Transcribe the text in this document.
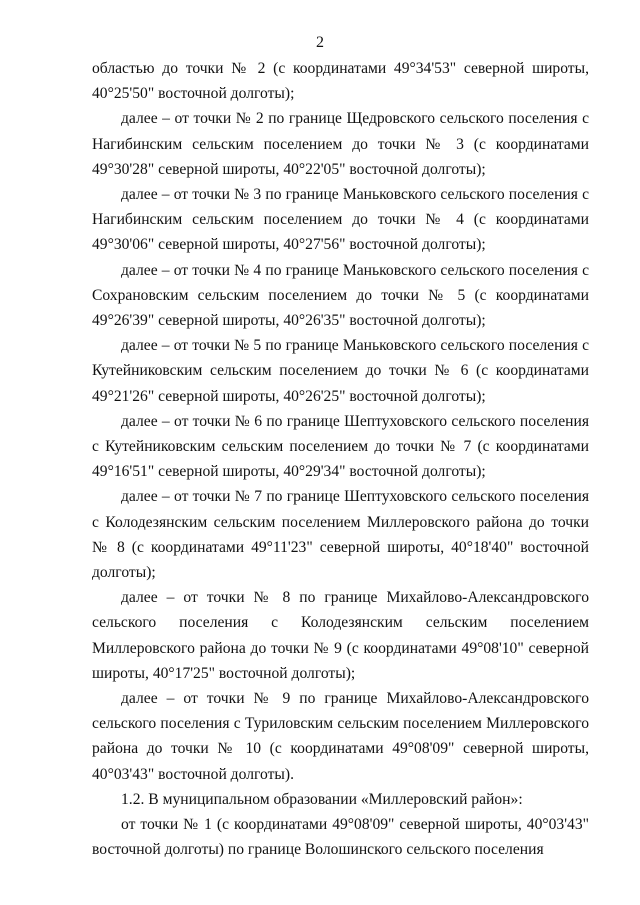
2

областью до точки № 2 (с координатами 49°34'53" северной широты, 40°25'50" восточной долготы);

далее – от точки № 2 по границе Щедровского сельского поселения с Нагибинским сельским поселением до точки № 3 (с координатами 49°30'28" северной широты, 40°22'05" восточной долготы);

далее – от точки № 3 по границе Маньковского сельского поселения с Нагибинским сельским поселением до точки № 4 (с координатами 49°30'06" северной широты, 40°27'56" восточной долготы);

далее – от точки № 4 по границе Маньковского сельского поселения с Сохрановским сельским поселением до точки № 5 (с координатами 49°26'39" северной широты, 40°26'35" восточной долготы);

далее – от точки № 5 по границе Маньковского сельского поселения с Кутейниковским сельским поселением до точки № 6 (с координатами 49°21'26" северной широты, 40°26'25" восточной долготы);

далее – от точки № 6 по границе Шептуховского сельского поселения с Кутейниковским сельским поселением до точки № 7 (с координатами 49°16'51" северной широты, 40°29'34" восточной долготы);

далее – от точки № 7 по границе Шептуховского сельского поселения с Колодезянским сельским поселением Миллеровского района до точки № 8 (с координатами 49°11'23" северной широты, 40°18'40" восточной долготы);

далее – от точки № 8 по границе Михайлово-Александровского сельского поселения с Колодезянским сельским поселением Миллеровского района до точки № 9 (с координатами 49°08'10" северной широты, 40°17'25" восточной долготы);

далее – от точки № 9 по границе Михайлово-Александровского сельского поселения с Туриловским сельским поселением Миллеровского района до точки № 10 (с координатами 49°08'09" северной широты, 40°03'43" восточной долготы).

1.2. В муниципальном образовании «Миллеровский район»:

от точки № 1 (с координатами 49°08'09" северной широты, 40°03'43" восточной долготы) по границе Волошинского сельского поселения
